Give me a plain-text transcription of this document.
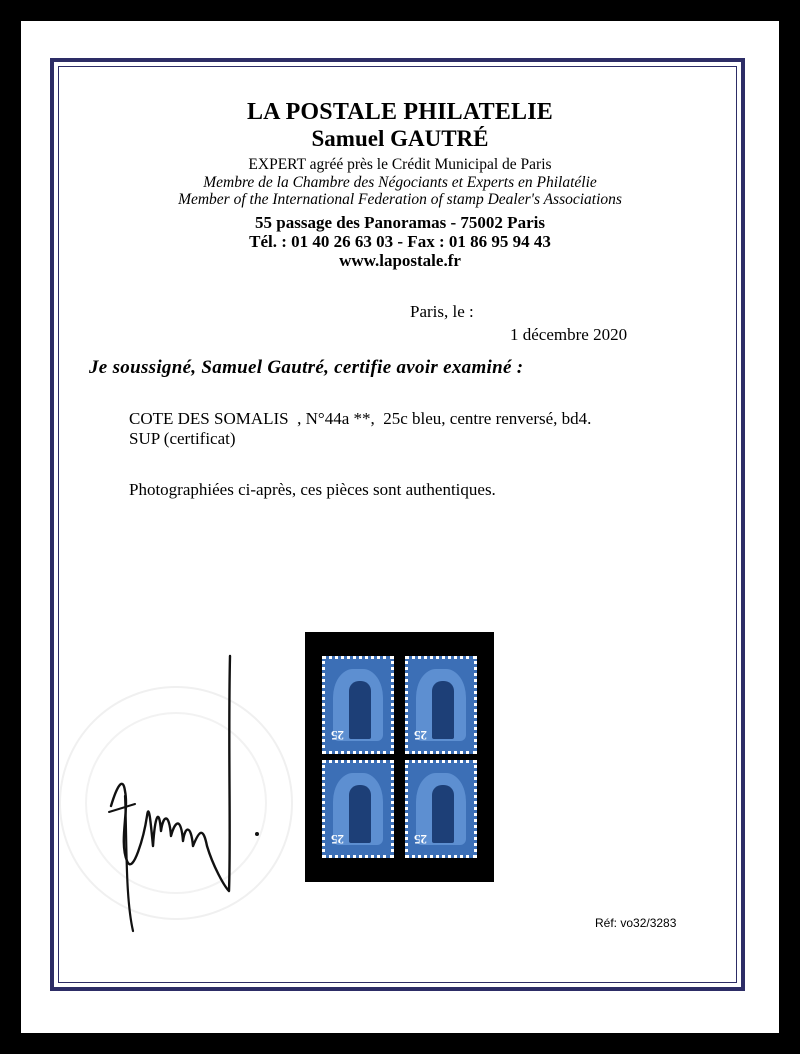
LA POSTALE PHILATELIE
Samuel GAUTRÉ
EXPERT agréé près le Crédit Municipal de Paris
Membre de la Chambre des Négociants et Experts en Philatélie
Member of the International Federation of stamp Dealer's Associations
55 passage des Panoramas - 75002 Paris
Tél. : 01 40 26 63 03 - Fax : 01 86 95 94 43
www.lapostale.fr
Paris, le :
1 décembre 2020
Je soussigné, Samuel Gautré, certifie avoir examiné :
COTE DES SOMALIS  , N°44a **,  25c bleu, centre renversé, bd4.
SUP (certificat)
Photographiées ci-après, ces pièces sont authentiques.
25	25
25	25
Réf: vo32/3283
